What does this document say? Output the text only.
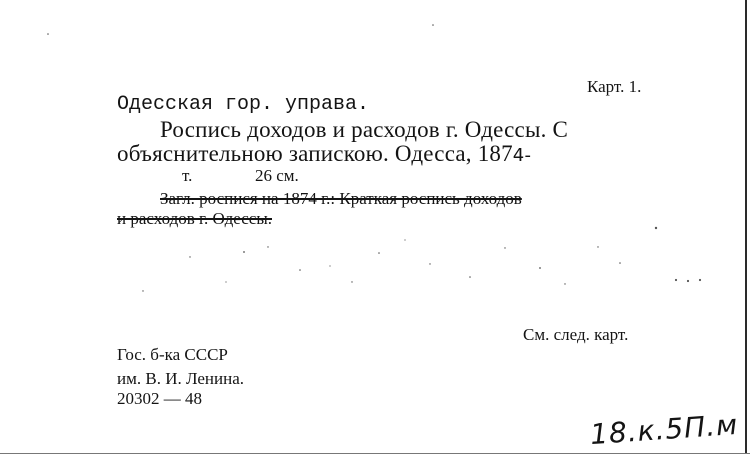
Карт. 1.
Одесская гор. управа.
Роспись доходов и расходов г. Одессы. С
объяснительною запискою. Одесса, 1874-
т.	26 см.
Загл. роспися на 1874 г.: Краткая роспись доходов
и расходов г. Одессы.
См. след. карт.
Гос. б-ка СССР
им. В. И. Ленина.
20302 — 48
18.к.5П.м
